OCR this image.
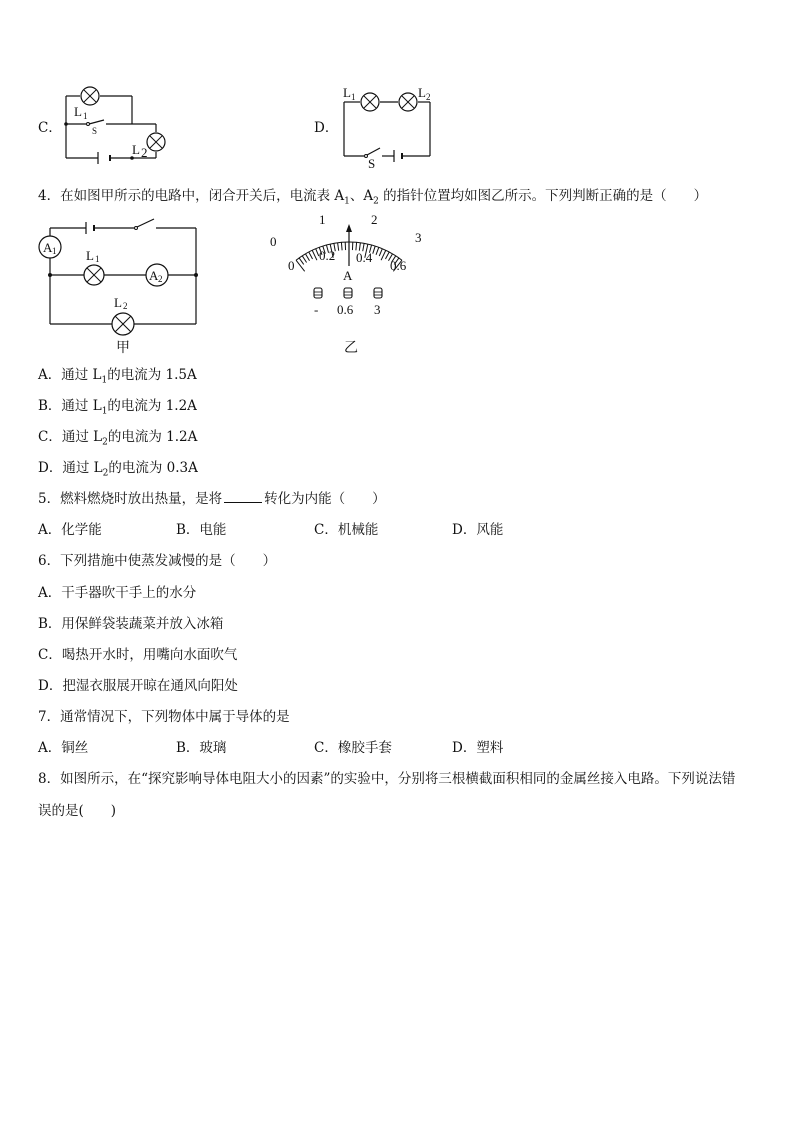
C．
L 1
S
L 2
D．
L 1	L 2
S
4．在如图甲所示的电路中，闭合开关后，电流表 $A_1$、$A_2$ 的指针位置均如图乙所示。下列判断正确的是（　　）
A 1 L 1
A 2
L 2
甲
0
1	2
3
0
0.2 0.4
0.6
A
- 0.6 3
乙
A．通过 $L_1$的电流为 1.5A
B．通过 $L_1$的电流为 1.2A
C．通过 $L_2$的电流为 1.2A
D．通过 $L_2$的电流为 0.3A
5．燃料燃烧时放出热量，是将	转化为内能（　　）
A．化学能	B．电能	C．机械能	D．风能
6．下列措施中使蒸发减慢的是（　　）
A．干手器吹干手上的水分
B．用保鲜袋装蔬菜并放入冰箱
C．喝热开水时，用嘴向水面吹气
D．把湿衣服展开晾在通风向阳处
7．通常情况下，下列物体中属于导体的是
A．铜丝	B．玻璃	C．橡胶手套	D．塑料
8．如图所示，在“探究影响导体电阻大小的因素”的实验中，分别将三根横截面积相同的金属丝接入电路。下列说法错
误的是(　　)
